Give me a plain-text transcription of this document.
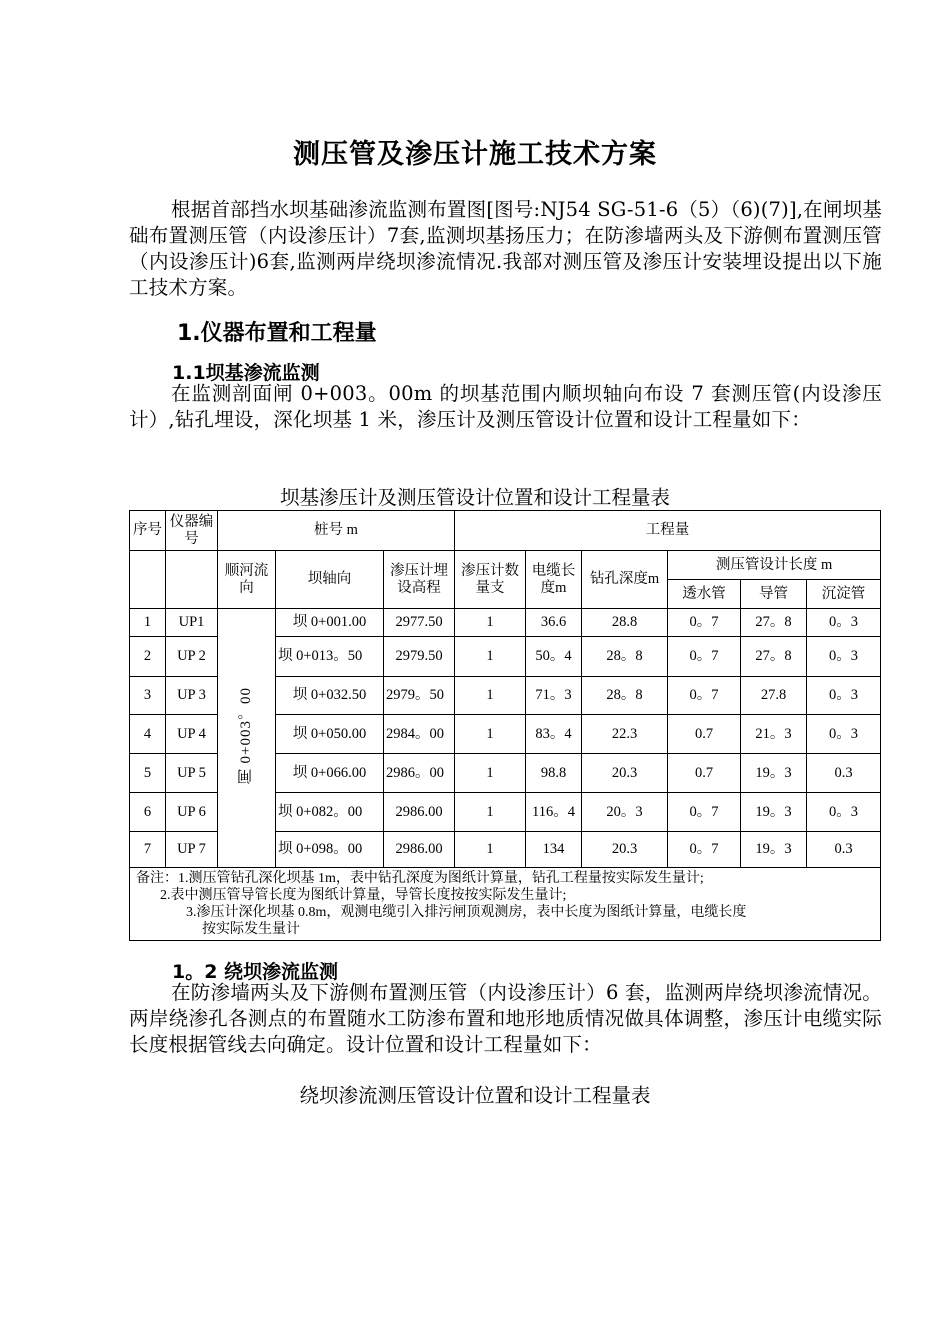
测压管及渗压计施工技术方案

根据首部挡水坝基础渗流监测布置图[图号:NJ54 SG-51-6（5）（6)(7)],在闸坝基础布置测压管（内设渗压计）7套,监测坝基扬压力；在防渗墙两头及下游侧布置测压管（内设渗压计)6套,监测两岸绕坝渗流情况.我部对测压管及渗压计安装埋设提出以下施工技术方案。

1.仪器布置和工程量
1.1坝基渗流监测

在监测剖面闸 0+003。00m 的坝基范围内顺坝轴向布设 7 套测压管(内设渗压计）,钻孔埋设，深化坝基 1 米，渗压计及测压管设计位置和设计工程量如下：

坝基渗压计及测压管设计位置和设计工程量表
序号	仪器编号	桩号 m			工程量					
		顺河流向	坝轴向	渗压计埋设高程	渗压计数量支	电缆长度m	钻孔深度m	测压管设计长度 m		
								透水管	导管	沉淀管
1	UP1	闸 0+003。00	坝 0+001.00	2977.50	1	36.6	28.8	0。7	27。8	0。3
2	UP 2		坝 0+013。50	2979.50	1	50。4	28。8	0。7	27。8	0。3
3	UP 3		坝 0+032.50	2979。50	1	71。3	28。8	0。7	27.8	0。3
4	UP 4		坝 0+050.00	2984。00	1	83。4	22.3	0.7	21。3	0。3
5	UP 5		坝 0+066.00	2986。00	1	98.8	20.3	0.7	19。3	0.3
6	UP 6		坝 0+082。00	2986.00	1	116。4	20。3	0。7	19。3	0。3
7	UP 7		坝 0+098。00	2986.00	1	134	20.3	0。7	19。3	0.3

备注：1.测压管钻孔深化坝基 1m，表中钻孔深度为图纸计算量，钻孔工程量按实际发生量计;
2.表中测压管导管长度为图纸计算量，导管长度按按实际发生量计;
3.渗压计深化坝基 0.8m，观测电缆引入排污闸顶观测房，表中长度为图纸计算量，电缆长度
按实际发生量计										
1。2 绕坝渗流监测

在防渗墙两头及下游侧布置测压管（内设渗压计）6 套，监测两岸绕坝渗流情况。两岸绕渗孔各测点的布置随水工防渗布置和地形地质情况做具体调整，渗压计电缆实际长度根据管线去向确定。设计位置和设计工程量如下：

绕坝渗流测压管设计位置和设计工程量表
